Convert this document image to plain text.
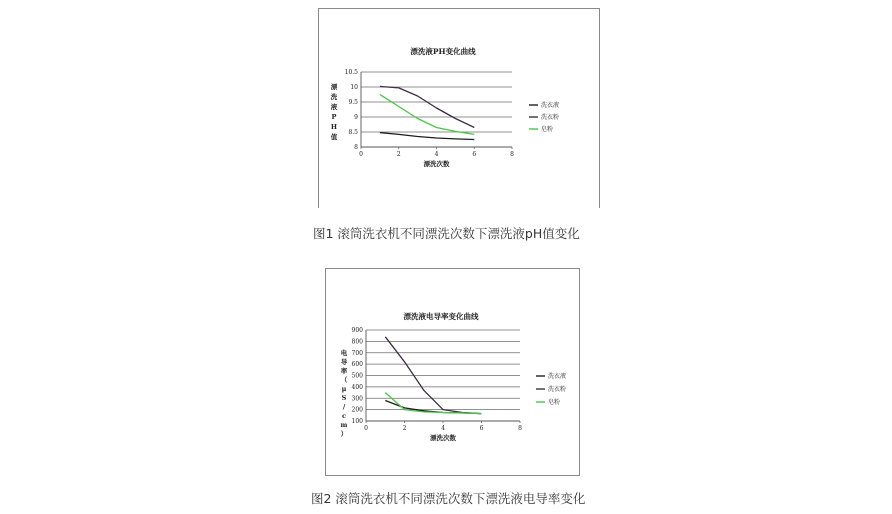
漂洗液PH变化曲线
8
8.5
9
9.5
10
10.5
0	2	4	6	8
漂洗次数
漂
洗
液
P
H
值
洗衣液
洗衣粉
皂粉
图1 滚筒洗衣机不同漂洗次数下漂洗液pH值变化
漂洗液电导率变化曲线
100
200
300
400
500
600
700
800
900
0	2	4	6	8
漂洗次数
电
导
率
（
μ
S
/
c
m
）
洗衣液
洗衣粉
皂粉
图2 滚筒洗衣机不同漂洗次数下漂洗液电导率变化
